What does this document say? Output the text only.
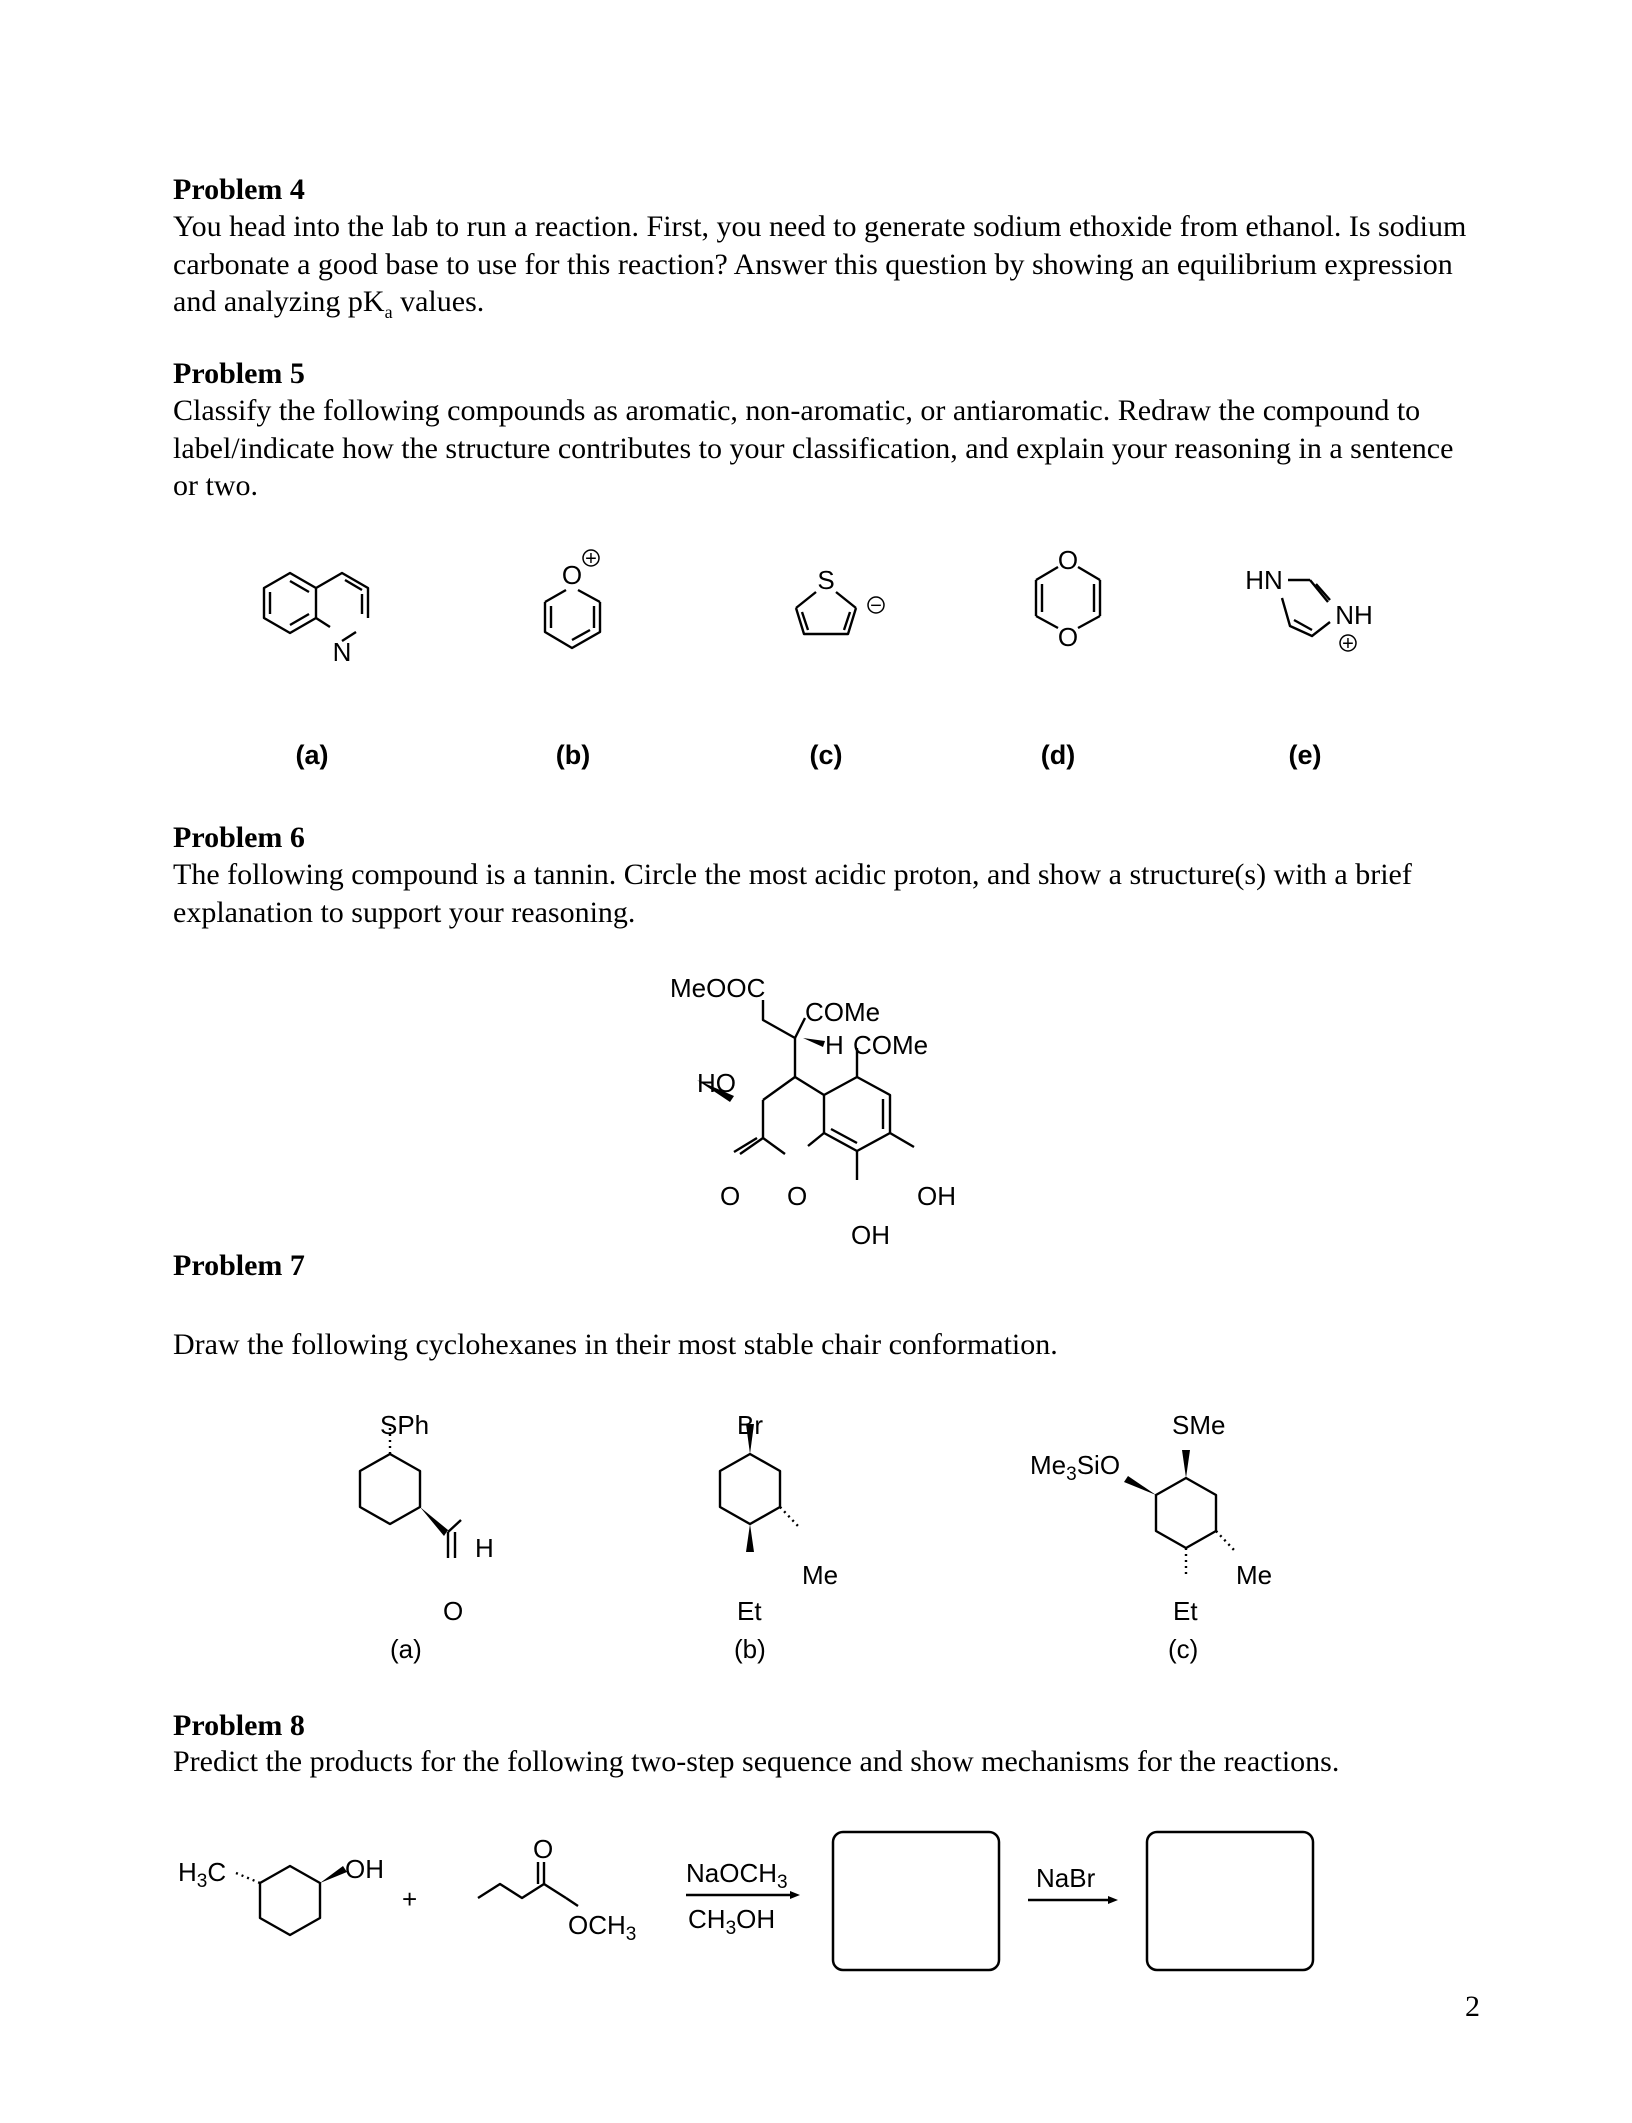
Problem 4
You head into the lab to run a reaction. First, you need to generate sodium ethoxide from ethanol. Is sodium carbonate a good base to use for this reaction? Answer this question by showing an equilibrium expression and analyzing $pK_a$ values.
Problem 5
Classify the following compounds as aromatic, non-aromatic, or antiaromatic. Redraw the compound to label/indicate how the structure contributes to your classification, and explain your reasoning in a sentence or two.
N
O
+
S
−
O
O
HN
NH
+
(a)	(b)	(c)	(d)	(e)
Problem 6
The following compound is a tannin. Circle the most acidic proton, and show a structure(s) with a brief explanation to support your reasoning.
MeOOC
COMe
H COMe
HO
O O	OH
OH
Problem 7
Draw the following cyclohexanes in their most stable chair conformation.
SPh
H
O
(a)
Br
Me
Et
(b)
SMe
$Me_3SiO$
Me
Et
(c)
Problem 8
Predict the products for the following two-step sequence and show mechanisms for the reactions.
$H_3C$	OH
+
O
$OCH_3$
NaOCH$_3$
$CH_3OH$
NaBr
2
